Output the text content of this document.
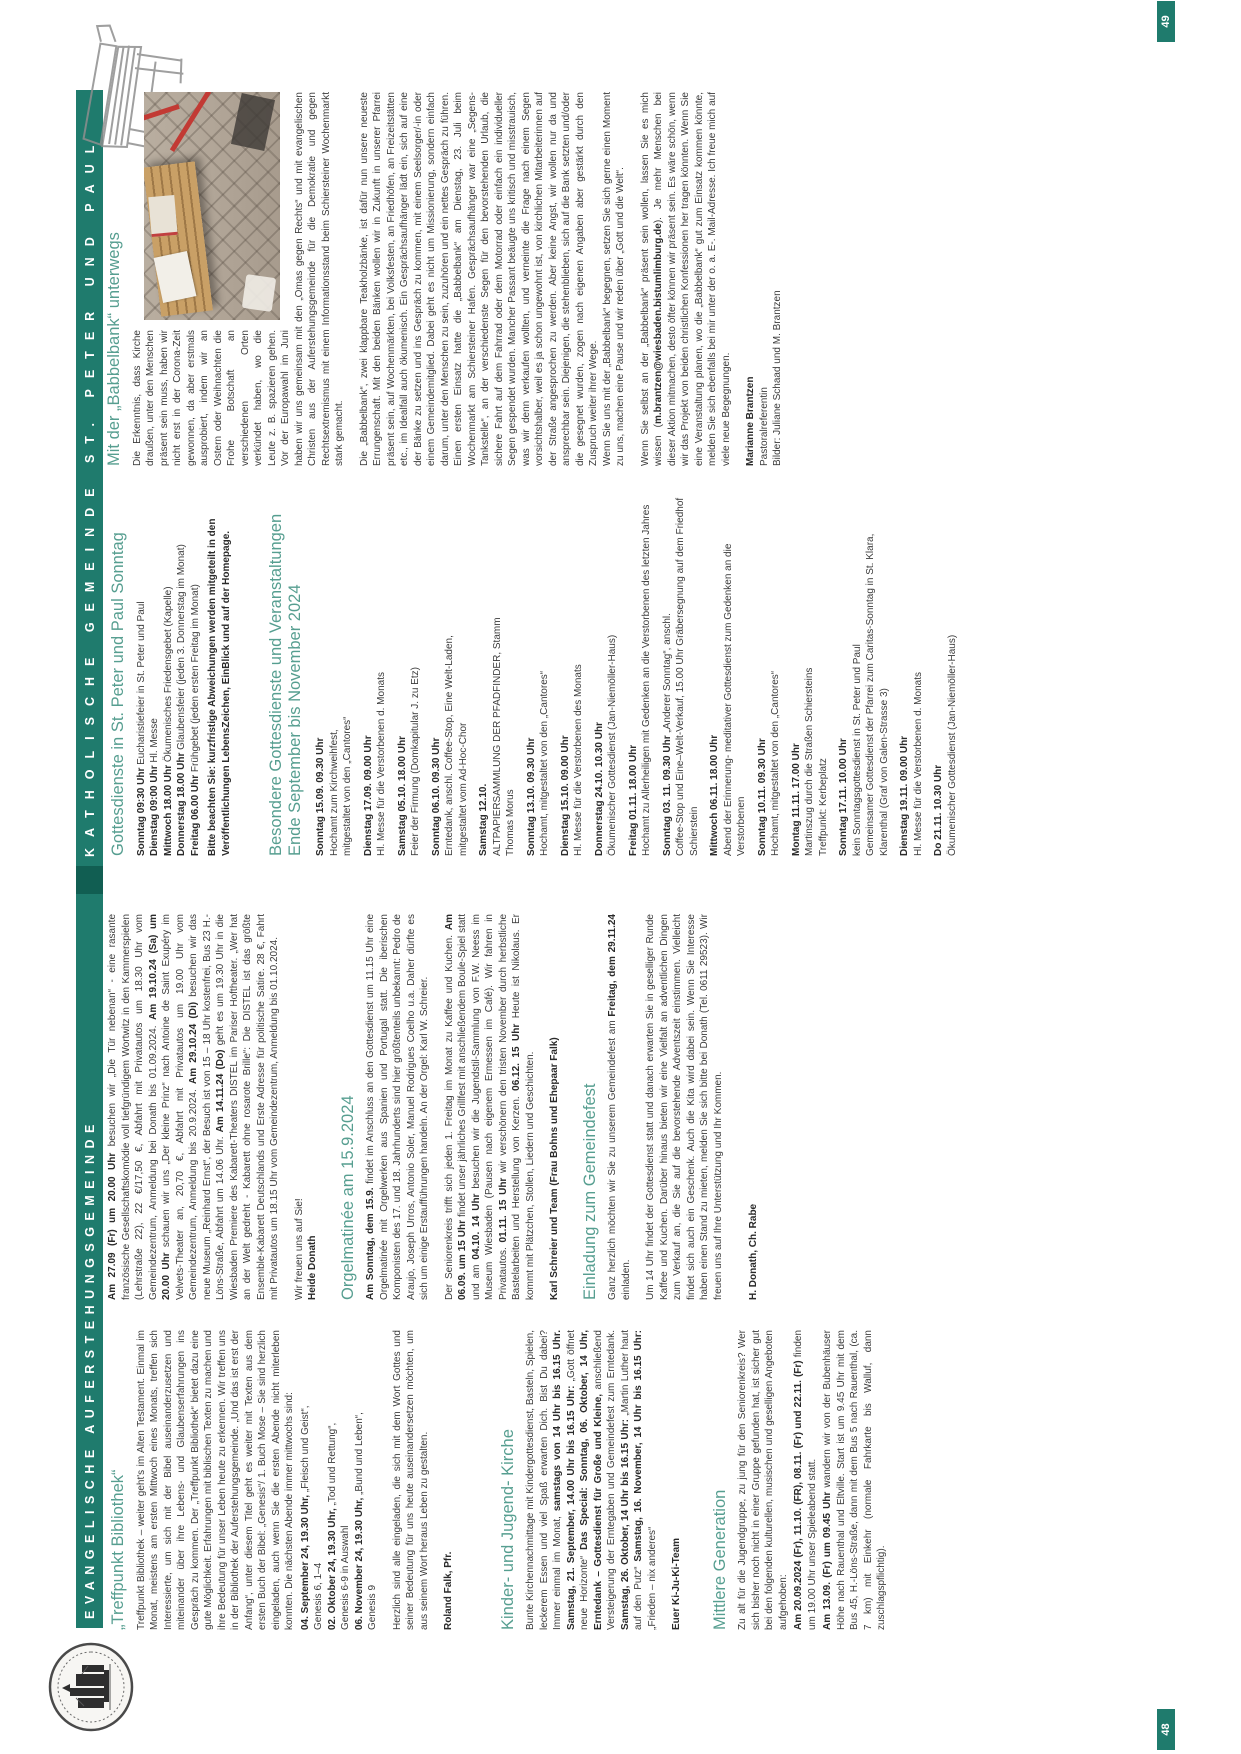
EVANGELISCHE AUFERSTEHUNGSGEMEINDE
KATHOLISCHE GEMEINDE ST. PETER UND PAUL
48
49
„Treffpunkt Bibliothek“ Treffpunkt Bibliothek – weiter geht's im Alten Testament. Einmal im Monat, meistens am ersten Mittwoch eines Monats, treffen sich Interessierte, um sich mit der Bibel auseinanderzusetzen und miteinander über ihre Lebens- und Glaubenserfahrungen ins Gespräch zu kommen. Der „Treffpunkt Bibliothek“ bietet dazu eine gute Möglichkeit. Erfahrungen mit biblischen Texten zu machen und ihre Bedeutung für unser Leben heute zu erkennen. Wir treffen uns in der Bibliothek der Auferstehungsgemeinde. „Und das ist erst der Anfang“, unter diesem Titel geht es weiter mit Texten aus dem ersten Buch der Bibel: „Genesis“/ 1. Buch Mose – Sie sind herzlich eingeladen, auch wenn Sie die ersten Abende nicht miterleben konnten. Die nächsten Abende immer mittwochs sind: 04. September 24, 19.30 Uhr, „Fleisch und Geist“,
Genesis 6, 1–4 02. Oktober 24, 19.30 Uhr, „Tod und Rettung“,
Genesis 6-9 in Auswahl 06. November 24, 19.30 Uhr, „Bund und Leben“,
Genesis 9 Herzlich sind alle eingeladen, die sich mit dem Wort Gottes und seiner Bedeutung für uns heute auseinandersetzen möchten, um aus seinem Wort heraus Leben zu gestalten. Roland Falk, Pfr.	Kinder- und Jugend- Kirche Bunte Kirchennachmittage mit Kindergottesdienst, Basteln, Spielen, leckerem Essen und viel Spaß erwarten Dich. Bist Du dabei? Immer einmal im Monat, samstags von 14 Uhr bis 16.15 Uhr. Samstag, 21. September, 14.00 Uhr bis 16.15 Uhr: „Gott öffnet neue Horizonte“ Das Special: Sonntag, 06. Oktober, 14 Uhr, Erntedank – Gottesdienst für Große und Kleine, anschließend Versteigerung der Erntegaben und Gemeindefest zum Erntedank. Samstag, 26. Oktober, 14 Uhr bis 16.15 Uhr: „Martin Luther haut auf den Putz“ Samstag, 16. November, 14 Uhr bis 16.15 Uhr: „Frieden – nix anderes“ Euer Ki-Ju-Ki-Team Mittlere Generation Zu alt für die Jugendgruppe, zu jung für den Seniorenkreis? Wer sich bisher noch nicht in einer Gruppe gefunden hat, ist sicher gut bei den folgenden kulturellen, musischen und geselligen Angeboten aufgehoben: Am 20.09.2024 (Fr), 11.10. (FR), 08.11. (Fr) und 22.11. (Fr) finden um 19.00 Uhr unser Spieleabend statt. Am 13.09. (Fr) um 09.45 Uhr wandern wir von der Bubenhäuser Höhe nach Rauenthal und Eltville. Start ist um 9.45 Uhr mit dem Bus 45, H.-Löns-Straße, dann mit dem Bus 5 nach Rauenthal, (ca. 7 km) mit Einkehr (normale Fahrkarte bis Walluf, dann zuschlagspflichtig).

Am 27.09 (Fr) um 20.00 Uhr besuchen wir „Die Tür nebenan“ - eine rasante französische Gesellschaftskomödie voll tiefgründigem Wortwitz in den Kammerspielen (Lehrstraße 22), 22 €/17,50 €, Abfahrt mit Privatautos um 18.30 Uhr vom Gemeindezentrum, Anmeldung bei Donath bis 01.09.2024. Am 19.10.24 (Sa) um 20.00 Uhr schauen wir uns „Der kleine Prinz“ nach Antoine de Saint Exupéry im Velvets-Theater an, 20,70 €, Abfahrt mit Privatautos um 19.00 Uhr vom Gemeindezentrum, Anmeldung bis 20.9.2024. Am 29.10.24 (Di) besuchen wir das neue Museum „Reinhard Ernst“, der Besuch ist von 15 – 18 Uhr kostenfrei, Bus 23 H.-Löns-Straße, Abfahrt um 14.06 Uhr. Am 14.11.24 (Do) geht es um 19.30 Uhr in die Wiesbaden Premiere des Kabarett-Theaters DISTEL im Pariser Hoftheater. „Wer hat an der Welt gedreht - Kabarett ohne rosarote Brille“: Die DISTEL ist das größte Ensemble-Kabarett Deutschlands und Erste Adresse für politische Satire. 28 €, Fahrt mit Privatautos um 18.15 Uhr vom Gemeindezentrum, Anmeldung bis 01.10.2024. Wir freuen uns auf Sie! Heide Donath Orgelmatinée am 15.9.2024 Am Sonntag, dem 15.9. findet im Anschluss an den Gottesdienst um 11.15 Uhr eine Orgelmatinée mit Orgelwerken aus Spanien und Portugal statt. Die iberischen Komponisten des 17. und 18. Jahrhunderts sind hier größtenteils unbekannt: Pedro de Araujo, Joseph Urros, Antonio Soler, Manuel Rodrigues Coelho u.a. Daher dürfte es sich um einige Erstaufführungen handeln. An der Orgel: Karl W. Schreier. Der Seniorenkreis trifft sich jeden 1. Freitag im Monat zu Kaffee und Kuchen. Am 06.09. um 15 Uhr findet unser jährliches Grillfest mit anschließendem Boule-Spiel statt und am 04.10. 14 Uhr besuchen wir die Jugendstil-Sammlung von F.W. Neess im Museum Wiesbaden (Pausen nach eigenem Ermessen im Café). Wir fahren in Privatautos. 01.11. 15 Uhr wir verschönern den tristen November durch herbstliche Bastelarbeiten und Herstellung von Kerzen. 06.12. 15 Uhr Heute ist Nikolaus. Er kommt mit Plätzchen, Stollen, Liedern und Geschichten. Karl Schreier und Team (Frau Bohns und Ehepaar Falk) Einladung zum Gemeindefest Ganz herzlich möchten wir Sie zu unserem Gemeindefest am Freitag, dem 29.11.24 einladen. Um 14 Uhr findet der Gottesdienst statt und danach erwarten Sie in geselliger Runde Kaffee und Kuchen. Darüber hinaus bieten wir eine Vielfalt an adventlichen Dingen zum Verkauf an, die Sie auf die bevorstehende Adventszeit einstimmen. Vielleicht findet sich auch ein Geschenk. Auch die Kita wird dabei sein. Wenn Sie Interesse haben einen Stand zu mieten, melden Sie sich bitte bei Donath (Tel. 0611 29523). Wir freuen uns auf Ihre Unterstützung und Ihr Kommen. H. Donath, Ch. Rabe
Gottesdienste in St. Peter und Paul Sonntag Sonntag 09:30 Uhr Eucharistiefeier in St. Peter und Paul
Dienstag 09:00 Uhr Hl. Messe
Mittwoch 18.00 Uhr Ökumenisches Friedensgebet (Kapelle)
Donnerstag 18.00 Uhr Glaubensfeier (jeden 3. Donnerstag im Monat)
Freitag 06.00 Uhr Frühgebet (jeden ersten Freitag im Monat) Bitte beachten Sie: kurzfristige Abweichungen werden mitgeteilt in den Veröffentlichungen LebensZeichen, EinBlick und auf der Homepage. Besondere Gottesdienste und Veranstaltungen Ende September bis November 2024 Sonntag 15.09. 09.30 Uhr Hochamt zum Kirchweihfest, mitgestaltet von den „Cantores“ Dienstag 17.09. 09.00 Uhr Hl. Messe für die Verstorbenen d. Monats Samstag 05.10. 18.00 Uhr Feier der Firmung (Domkapitular J. zu Etz) Sonntag 06.10. 09.30 Uhr Erntedank, anschl. Coffee-Stop, Eine Welt-Laden, mitgestaltet vom Ad-Hoc-Chor Samstag 12.10. ALTPAPIERSAMMLUNG DER PFADFINDER, Stamm Thomas Morus Sonntag 13.10. 09.30 Uhr Hochamt, mitgestaltet von den „Cantores“ Dienstag 15.10. 09.00 Uhr Hl. Messe für die Verstorbenen des Monats Donnerstag 24.10. 10.30 Uhr Ökumenischer Gottesdienst (Jan-Niemöller-Haus) Freitag 01.11. 18.00 Uhr Hochamt zu Allerheiligen mit Gedenken an die Verstorbenen des letzten Jahres Sonntag 03. 11. 09.30 Uhr „Anderer Sonntag“, anschl. Coffee-Stop und Eine–Welt-Verkauf, 15.00 Uhr Gräbersegnung auf dem Friedhof Schierstein Mittwoch 06.11. 18.00 Uhr Abend der Erinnerung- meditativer Gottesdienst zum Gedenken an die Verstorbenen Sonntag 10.11. 09.30 Uhr Hochamt, mitgestaltet von den „Cantores“ Montag 11.11. 17.00 Uhr Martinszug durch die Straßen Schiersteins Treffpunkt: Kerbeplatz Sonntag 17.11. 10.00 Uhr kein Sonntagsgottesdienst in St. Peter und Paul Gemeinsamer Gottesdienst der Pfarrei zum Caritas-Sonntag in St. Klara, Klarenthal (Graf von Galen-Strasse 3) Dienstag 19.11. 09.00 Uhr Hl. Messe für die Verstorbenen d. Monats Do 21.11. 10.30 Uhr Ökumenischer Gottesdienst (Jan-Niemöller-Haus)
Mit der „Babbelbank“ unterwegs Die Erkenntnis, dass Kirche draußen, unter den Menschen präsent sein muss, haben wir nicht erst in der Corona-Zeit gewonnen, da aber erstmals ausprobiert, indem wir an Ostern oder Weihnachten die Frohe Botschaft an verschiedenen Orten verkündet haben, wo die Leute z. B. spazieren gehen. Vor der Europawahl im Juni haben wir uns gemeinsam mit den „Omas gegen Rechts“ und mit evangelischen Christen aus der Auferstehungsgemeinde für die Demokratie und gegen Rechtsextremismus mit einem Informationsstand beim Schiersteiner Wochenmarkt stark gemacht. Die „Babbelbank“, zwei klappbare Teakholzbänke, ist dafür nun unsere neueste Errungenschaft. Mit den beiden Bänken wollen wir in Zukunft in unserer Pfarrei präsent sein, auf Wochenmärkten, bei Volksfesten, an Friedhöfen, an Freizeitstätten etc., im Idealfall auch ökumenisch. Ein Gesprächsaufhänger lädt ein, sich auf eine der Bänke zu setzen und ins Gespräch zu kommen, mit einem Seelsorger/-in oder einem Gemeindemitglied. Dabei geht es nicht um Missionierung, sondern einfach darum, unter den Menschen zu sein, zuzuhören und ein nettes Gespräch zu führen. Einen ersten Einsatz hatte die „Babbelbank“ am Dienstag, 23. Juli beim Wochenmarkt am Schiersteiner Hafen. Gesprächsaufhänger war eine „Segens-Tankstelle“, an der verschiedenste Segen für den bevorstehenden Urlaub, die sichere Fahrt auf dem Fahrrad oder dem Motorrad oder einfach ein individueller Segen gespendet wurden. Mancher Passant beäugte uns kritisch und misstrauisch, was wir denn verkaufen wollten, und verneinte die Frage nach einem Segen vorsichtshalber, weil es ja schon ungewohnt ist, von kirchlichen Mitarbeiterinnen auf der Straße angesprochen zu werden. Aber keine Angst, wir wollen nur da und ansprechbar sein. Diejenigen, die stehenblieben, sich auf die Bank setzten und/oder die gesegnet wurden, zogen nach eigenen Angaben aber gestärkt durch den Zuspruch weiter ihrer Wege. Wenn Sie uns mit der „Babbelbank“ begegnen, setzen Sie sich gerne einen Moment zu uns, machen eine Pause und wir reden über „Gott und die Welt“. Wenn Sie selbst an der „Babbelbank“ präsent sein wollen, lassen Sie es mich wissen (m.brantzen@wiesbaden.bistumlimburg.de). Je mehr Menschen bei dieser Aktion mitmachen, desto öfter können wir präsent sein. Es wäre schön, wenn wir das Projekt von beiden christlichen Konfessionen her tragen könnten. Wenn Sie eine Veranstaltung planen, wo die „Babbelbank“ gut zum Einsatz kommen könnte, melden Sie sich ebenfalls bei mir unter der o. a. E-. Mail-Adresse. Ich freue mich auf viele neue Begegnungen. Marianne Brantzen Pastoralreferentin Bilder: Juliane Schaad und M. Brantzen
